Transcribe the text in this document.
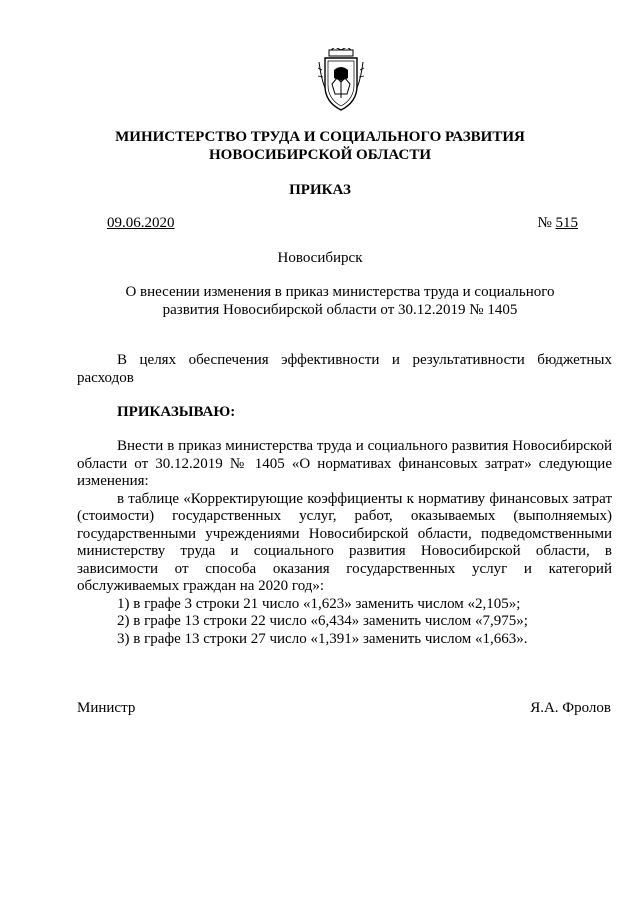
МИНИСТЕРСТВО ТРУДА И СОЦИАЛЬНОГО РАЗВИТИЯ
НОВОСИБИРСКОЙ ОБЛАСТИ
ПРИКАЗ
09.06.2020	№ 515
Новосибирск
О внесении изменения в приказ министерства труда и социального
развития Новосибирской области от 30.12.2019 № 1405

В целях обеспечения эффективности и результативности бюджетных расходов

ПРИКАЗЫВАЮ:

Внести в приказ министерства труда и социального развития Новосибирской области от 30.12.2019 № 1405 «О нормативах финансовых затрат» следующие изменения:

в таблице «Корректирующие коэффициенты к нормативу финансовых затрат (стоимости) государственных услуг, работ, оказываемых (выполняемых) государственными учреждениями Новосибирской области, подведомственными министерству труда и социального развития Новосибирской области, в зависимости от способа оказания государственных услуг и категорий обслуживаемых граждан на 2020 год»:

1) в графе 3 строки 21 число «1,623» заменить числом «2,105»;

2) в графе 13 строки 22 число «6,434» заменить числом «7,975»;

3) в графе 13 строки 27 число «1,391» заменить числом «1,663».

Министр	Я.А. Фролов
